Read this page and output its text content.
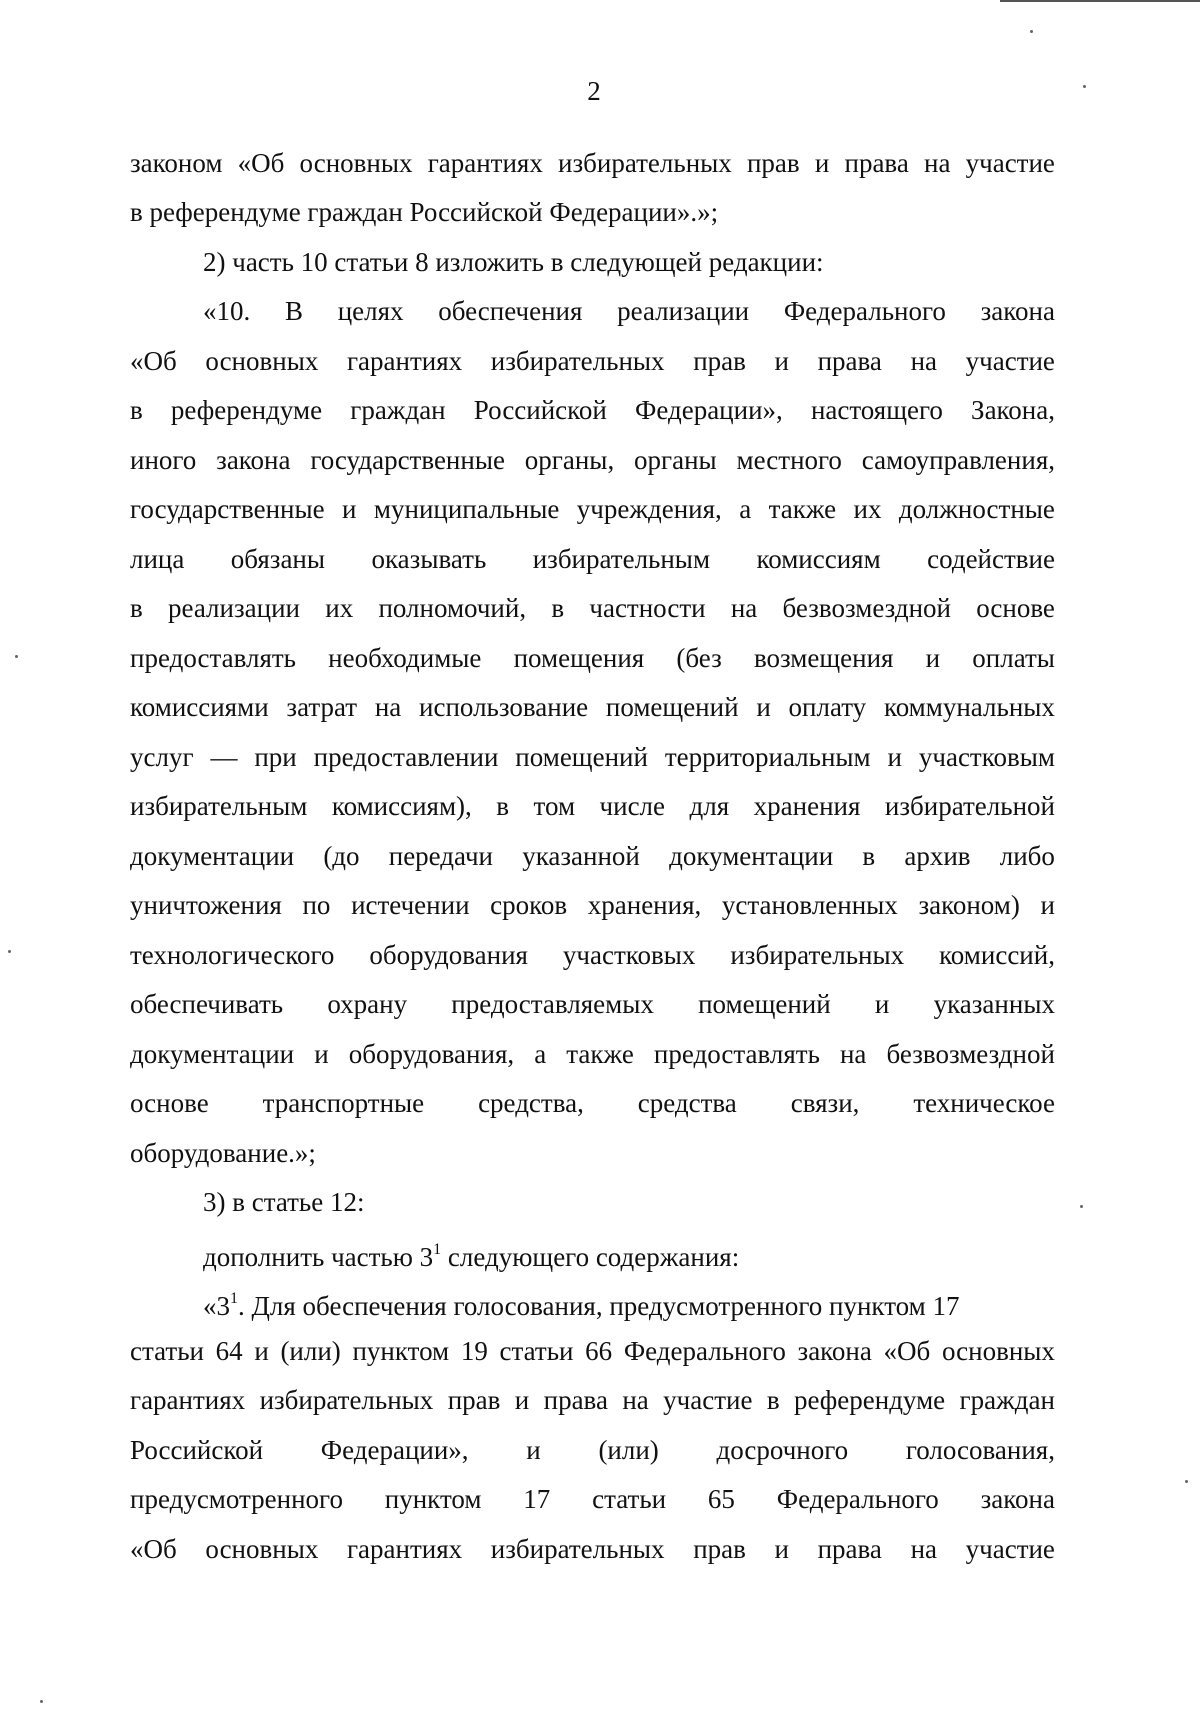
2
законом «Об основных гарантиях избирательных прав и права на участие
в референдуме граждан Российской Федерации».»;
2) часть 10 статьи 8 изложить в следующей редакции:
«10. В целях обеспечения реализации Федерального закона
«Об основных гарантиях избирательных прав и права на участие
в референдуме граждан Российской Федерации», настоящего Закона,
иного закона государственные органы, органы местного самоуправления,
государственные и муниципальные учреждения, а также их должностные
лица обязаны оказывать избирательным комиссиям содействие
в реализации их полномочий, в частности на безвозмездной основе
предоставлять необходимые помещения (без возмещения и оплаты
комиссиями затрат на использование помещений и оплату коммунальных
услуг — при предоставлении помещений территориальным и участковым
избирательным комиссиям), в том числе для хранения избирательной
документации (до передачи указанной документации в архив либо
уничтожения по истечении сроков хранения, установленных законом) и
технологического оборудования участковых избирательных комиссий,
обеспечивать охрану предоставляемых помещений и указанных
документации и оборудования, а также предоставлять на безвозмездной
основе транспортные средства, средства связи, техническое
оборудование.»;
3) в статье 12:
дополнить частью $3^1$ следующего содержания:
«$3^1$. Для обеспечения голосования, предусмотренного пунктом 17
статьи 64 и (или) пунктом 19 статьи 66 Федерального закона «Об основных
гарантиях избирательных прав и права на участие в референдуме граждан
Российской Федерации», и (или) досрочного голосования,
предусмотренного пунктом 17 статьи 65 Федерального закона
«Об основных гарантиях избирательных прав и права на участие
